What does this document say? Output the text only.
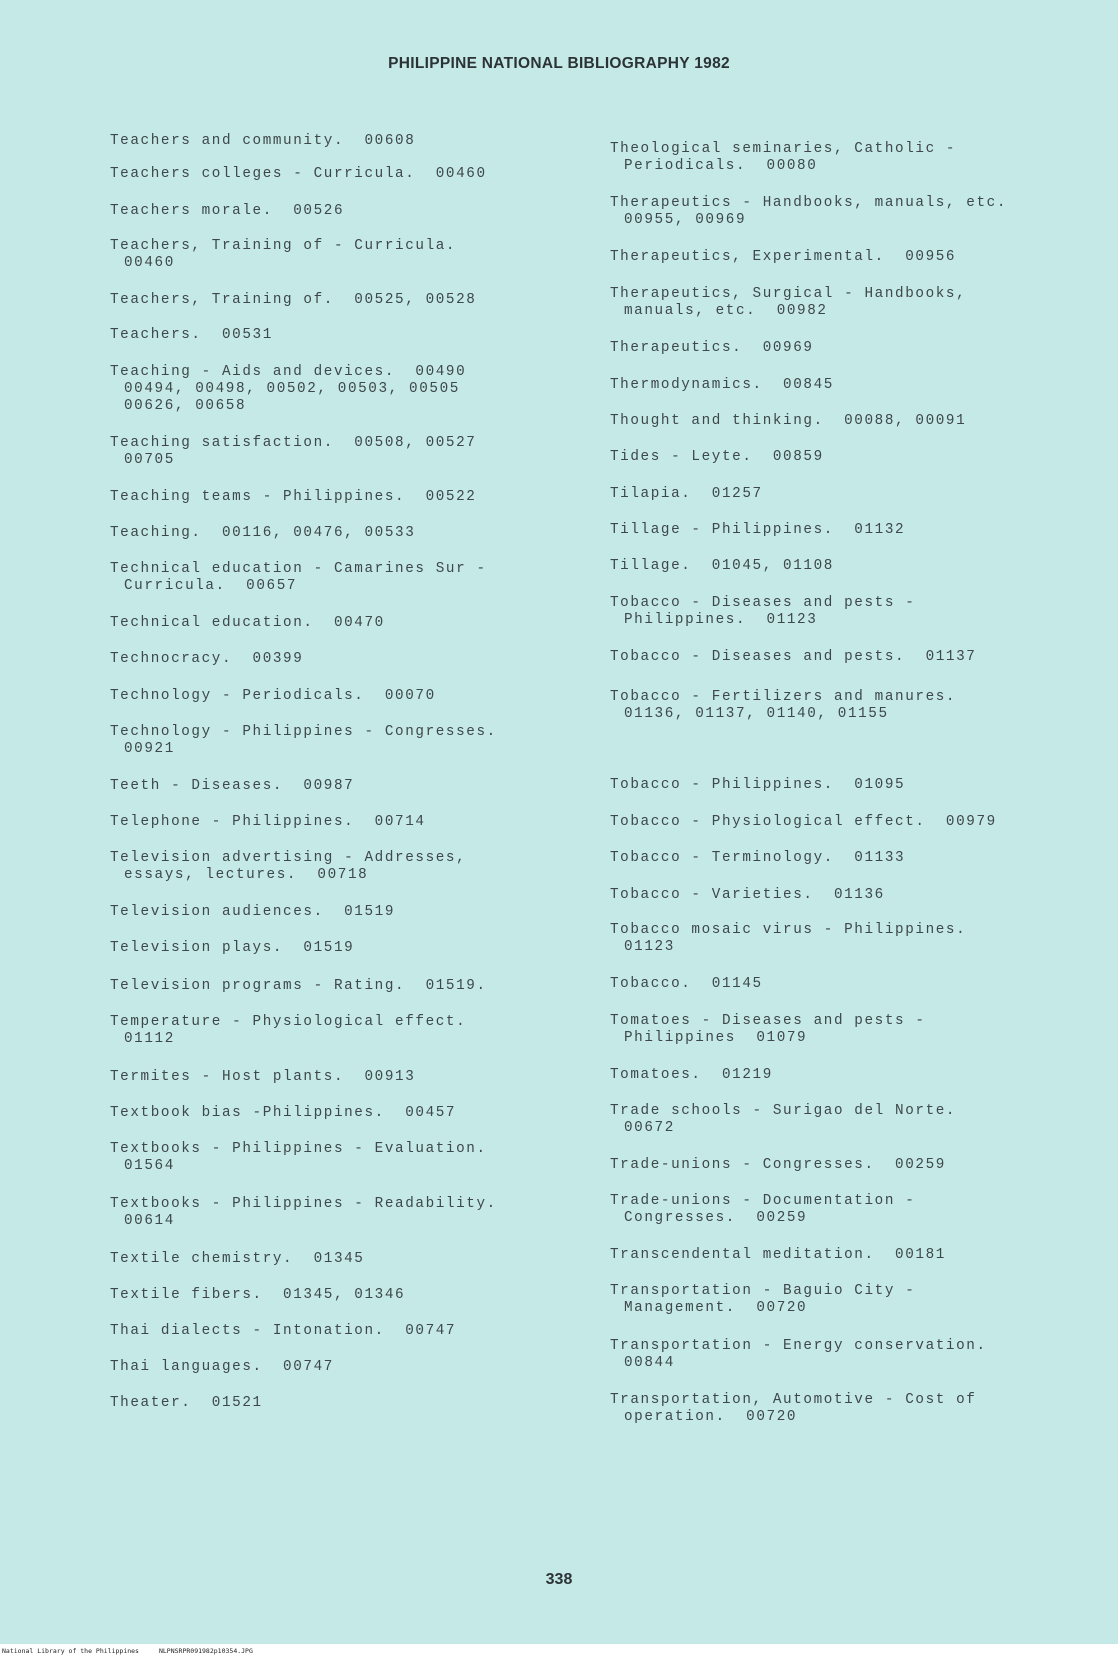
PHILIPPINE NATIONAL BIBLIOGRAPHY 1982
Teachers and community.  00608
Teachers colleges - Curricula.  00460
Teachers morale.  00526
Teachers, Training of - Curricula.
00460
Teachers, Training of.  00525, 00528
Teachers.  00531
Teaching - Aids and devices.  00490
00494, 00498, 00502, 00503, 00505
00626, 00658
Teaching satisfaction.  00508, 00527
00705
Teaching teams - Philippines.  00522
Teaching.  00116, 00476, 00533
Technical education - Camarines Sur -
Curricula.  00657
Technical education.  00470
Technocracy.  00399
Technology - Periodicals.  00070
Technology - Philippines - Congresses.
00921
Teeth - Diseases.  00987
Telephone - Philippines.  00714
Television advertising - Addresses,
essays, lectures.  00718
Television audiences.  01519
Television plays.  01519
Television programs - Rating.  01519.
Temperature - Physiological effect.
01112
Termites - Host plants.  00913
Textbook bias -Philippines.  00457
Textbooks - Philippines - Evaluation.
01564
Textbooks - Philippines - Readability.
00614
Textile chemistry.  01345
Textile fibers.  01345, 01346
Thai dialects - Intonation.  00747
Thai languages.  00747
Theater.  01521
Theological seminaries, Catholic -
Periodicals.  00080
Therapeutics - Handbooks, manuals, etc.
00955, 00969
Therapeutics, Experimental.  00956
Therapeutics, Surgical - Handbooks,
manuals, etc.  00982
Therapeutics.  00969
Thermodynamics.  00845
Thought and thinking.  00088, 00091
Tides - Leyte.  00859
Tilapia.  01257
Tillage - Philippines.  01132
Tillage.  01045, 01108
Tobacco - Diseases and pests -
Philippines.  01123
Tobacco - Diseases and pests.  01137
Tobacco - Fertilizers and manures.
01136, 01137, 01140, 01155
Tobacco - Philippines.  01095
Tobacco - Physiological effect.  00979
Tobacco - Terminology.  01133
Tobacco - Varieties.  01136
Tobacco mosaic virus - Philippines.
01123
Tobacco.  01145
Tomatoes - Diseases and pests -
Philippines  01079
Tomatoes.  01219
Trade schools - Surigao del Norte.
00672
Trade-unions - Congresses.  00259
Trade-unions - Documentation -
Congresses.  00259
Transcendental meditation.  00181
Transportation - Baguio City -
Management.  00720
Transportation - Energy conservation.
00844
Transportation, Automotive - Cost of
operation.  00720
338
National Library of the Philippines	NLPNSRPR091982p10354.JPG
